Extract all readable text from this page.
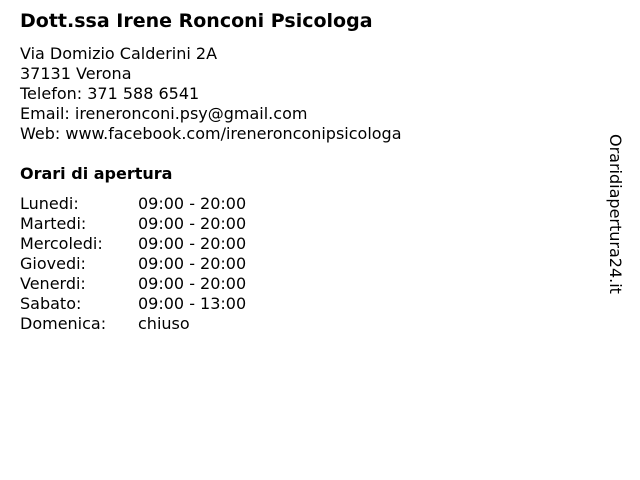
Dott.ssa Irene Ronconi Psicologa
Via Domizio Calderini 2A
37131 Verona
Telefon: 371 588 6541
Email: ireneronconi.psy@gmail.com
Web: www.facebook.com/ireneronconipsicologa
Orari di apertura
Lunedi:	09:00 - 20:00
Martedi:	09:00 - 20:00
Mercoledi: 09:00 - 20:00
Giovedi:	09:00 - 20:00
Venerdi:	09:00 - 20:00
Sabato:	09:00 - 13:00
Domenica: chiuso
Oraridiapertura24.it
